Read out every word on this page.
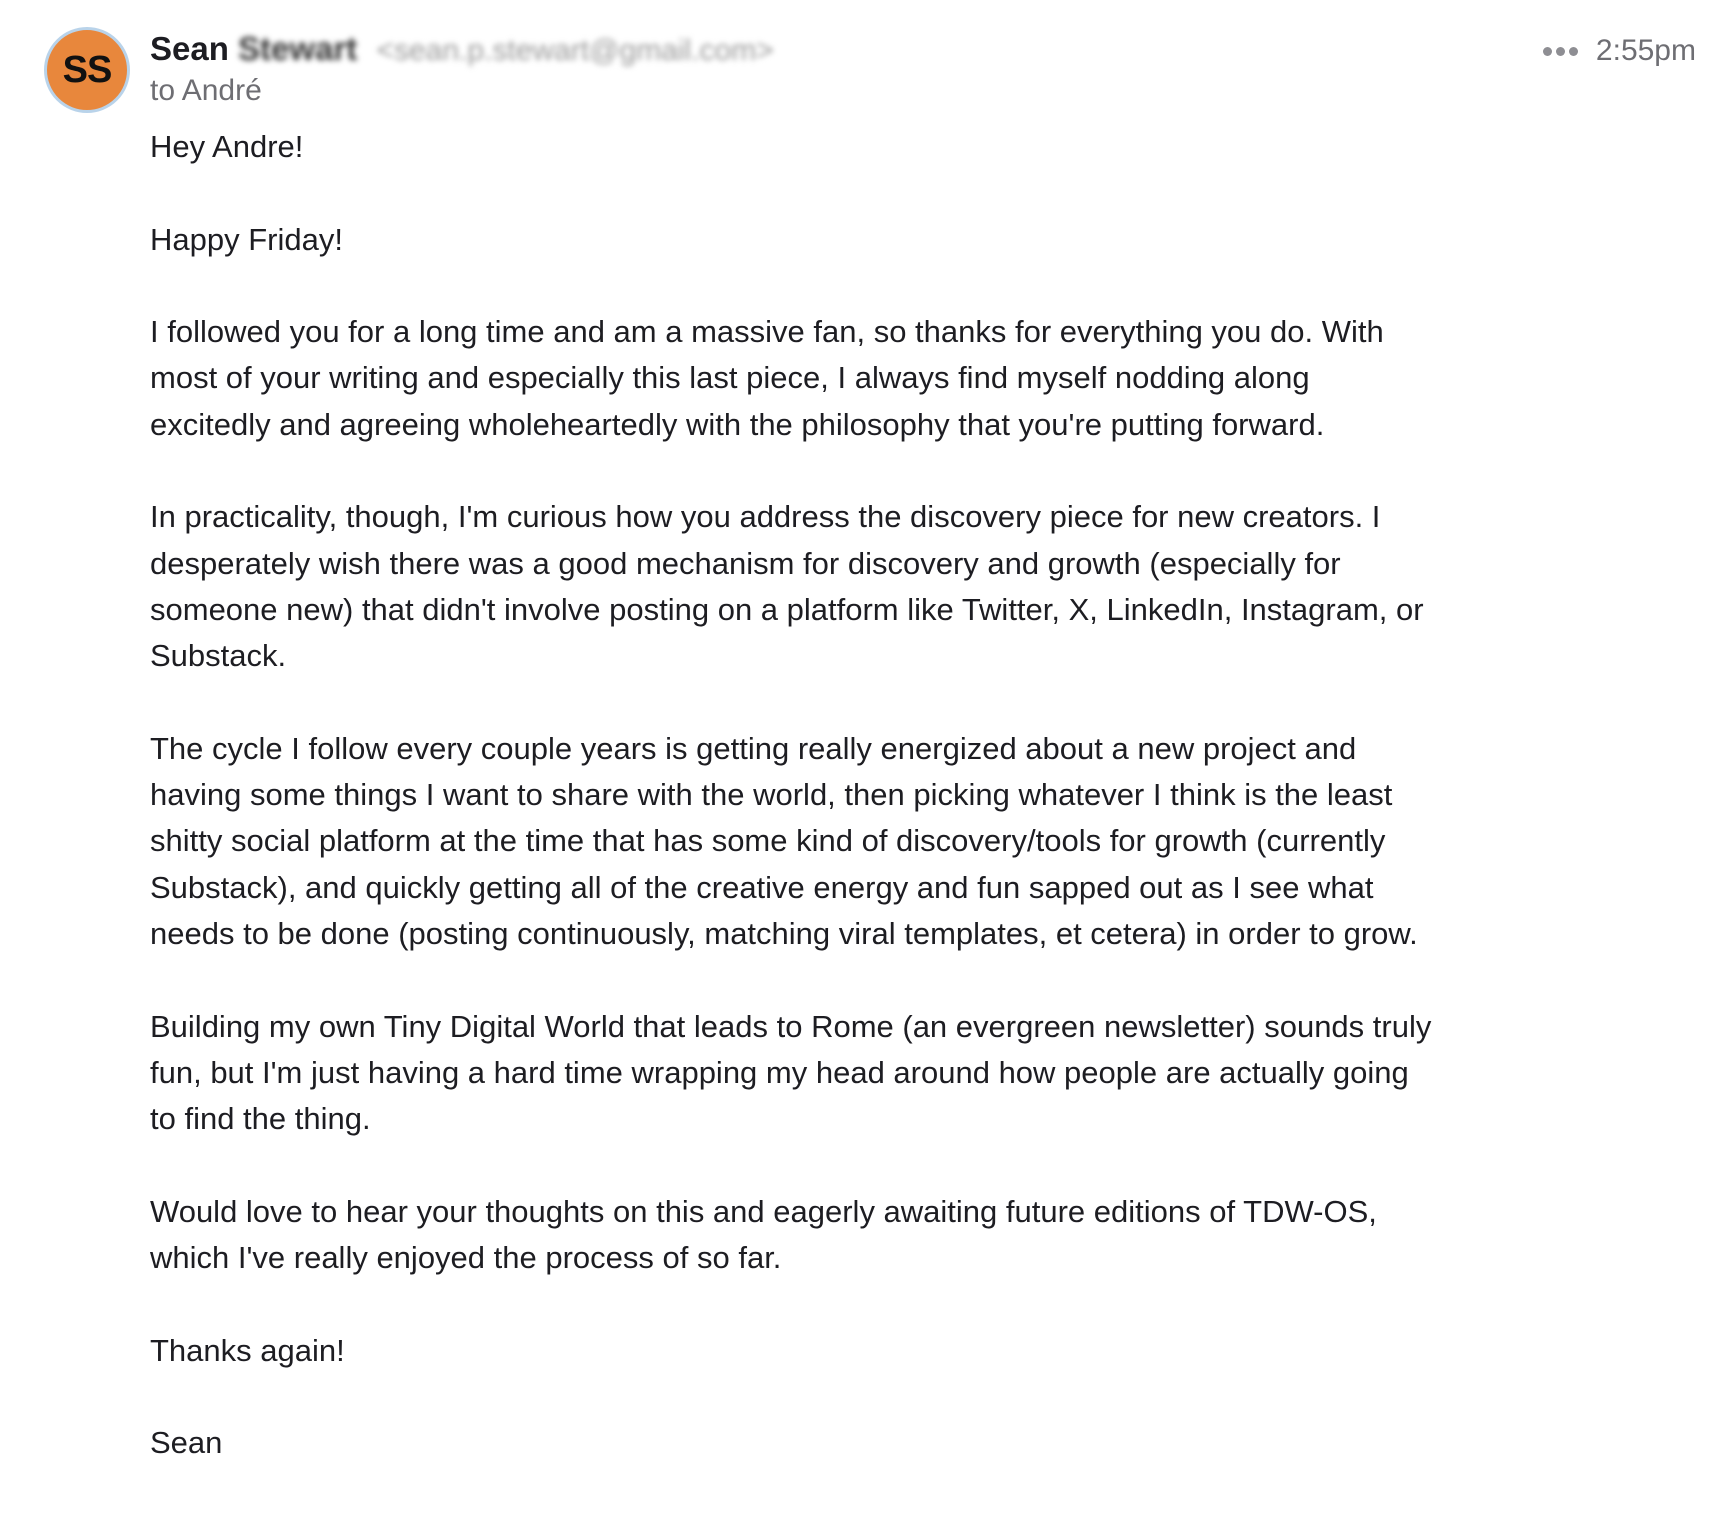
SS	Sean Stewart <sean.p.stewart@gmail.com>
to André
2:55pm
Hey Andre!
Happy Friday!
I followed you for a long time and am a massive fan, so thanks for everything you do. With
most of your writing and especially this last piece, I always find myself nodding along
excitedly and agreeing wholeheartedly with the philosophy that you're putting forward.
In practicality, though, I'm curious how you address the discovery piece for new creators. I
desperately wish there was a good mechanism for discovery and growth (especially for
someone new) that didn't involve posting on a platform like Twitter, X, LinkedIn, Instagram, or
Substack.
The cycle I follow every couple years is getting really energized about a new project and
having some things I want to share with the world, then picking whatever I think is the least
shitty social platform at the time that has some kind of discovery/tools for growth (currently
Substack), and quickly getting all of the creative energy and fun sapped out as I see what
needs to be done (posting continuously, matching viral templates, et cetera) in order to grow.
Building my own Tiny Digital World that leads to Rome (an evergreen newsletter) sounds truly
fun, but I'm just having a hard time wrapping my head around how people are actually going
to find the thing.
Would love to hear your thoughts on this and eagerly awaiting future editions of TDW-OS,
which I've really enjoyed the process of so far.
Thanks again!
Sean
